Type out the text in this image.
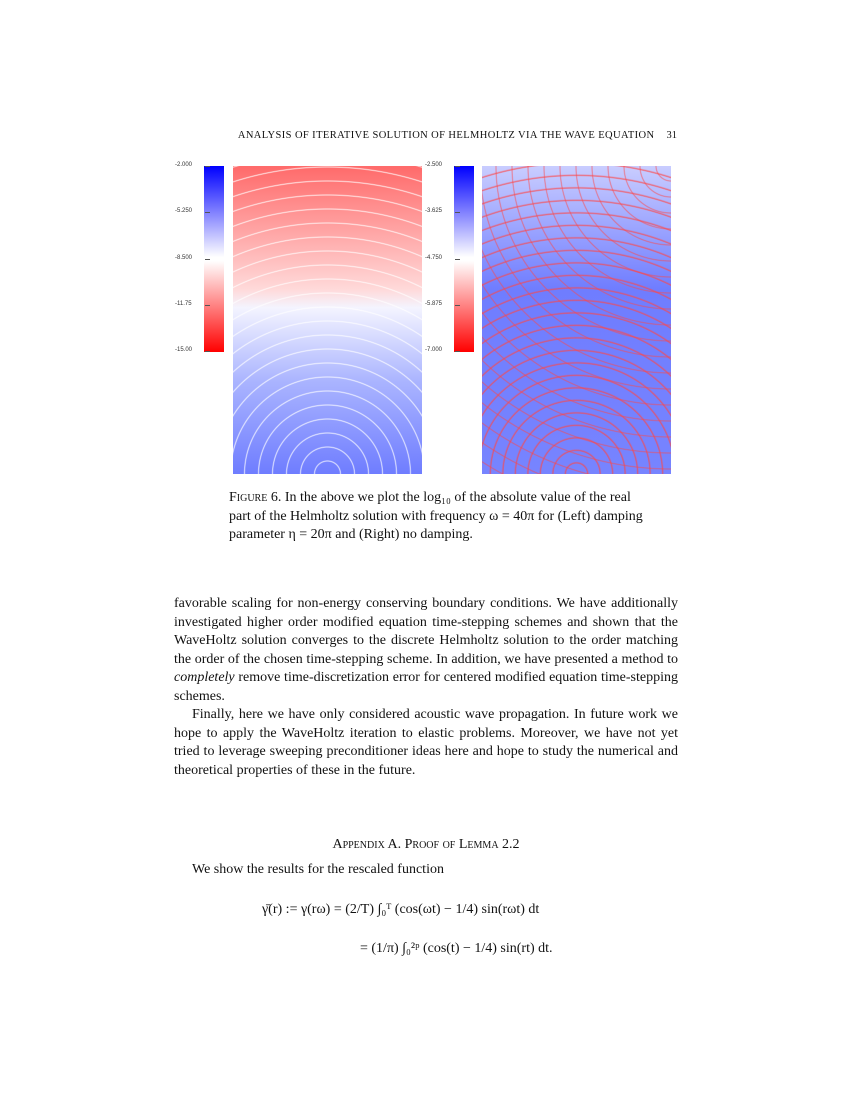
ANALYSIS OF ITERATIVE SOLUTION OF HELMHOLTZ VIA THE WAVE EQUATION 31
-2.000
-5.250
-8.500
-11.75
-15.00
-2.500
-3.625
-4.750
-5.875
-7.000
Figure 6. In the above we plot the log₁₀ of the absolute value of the real part of the Helmholtz solution with frequency ω = 40π for (Left) damping parameter η = 20π and (Right) no damping.

favorable scaling for non-energy conserving boundary conditions. We have additionally investigated higher order modified equation time-stepping schemes and shown that the WaveHoltz solution converges to the discrete Helmholtz solution to the order matching the order of the chosen time-stepping scheme. In addition, we have presented a method to completely remove time-discretization error for centered modified equation time-stepping schemes.

Finally, here we have only considered acoustic wave propagation. In future work we hope to apply the WaveHoltz iteration to elastic problems. Moreover, we have not yet tried to leverage sweeping preconditioner ideas here and hope to study the numerical and theoretical properties of these in the future.

Appendix A. Proof of Lemma 2.2
We show the results for the rescaled function
γ̄(r) := γ(rω) = (2/T) ∫₀ᵀ (cos(ωt) − 1/4) sin(rωt) dt
= (1/π) ∫₀²ᵖ (cos(t) − 1/4) sin(rt) dt.
